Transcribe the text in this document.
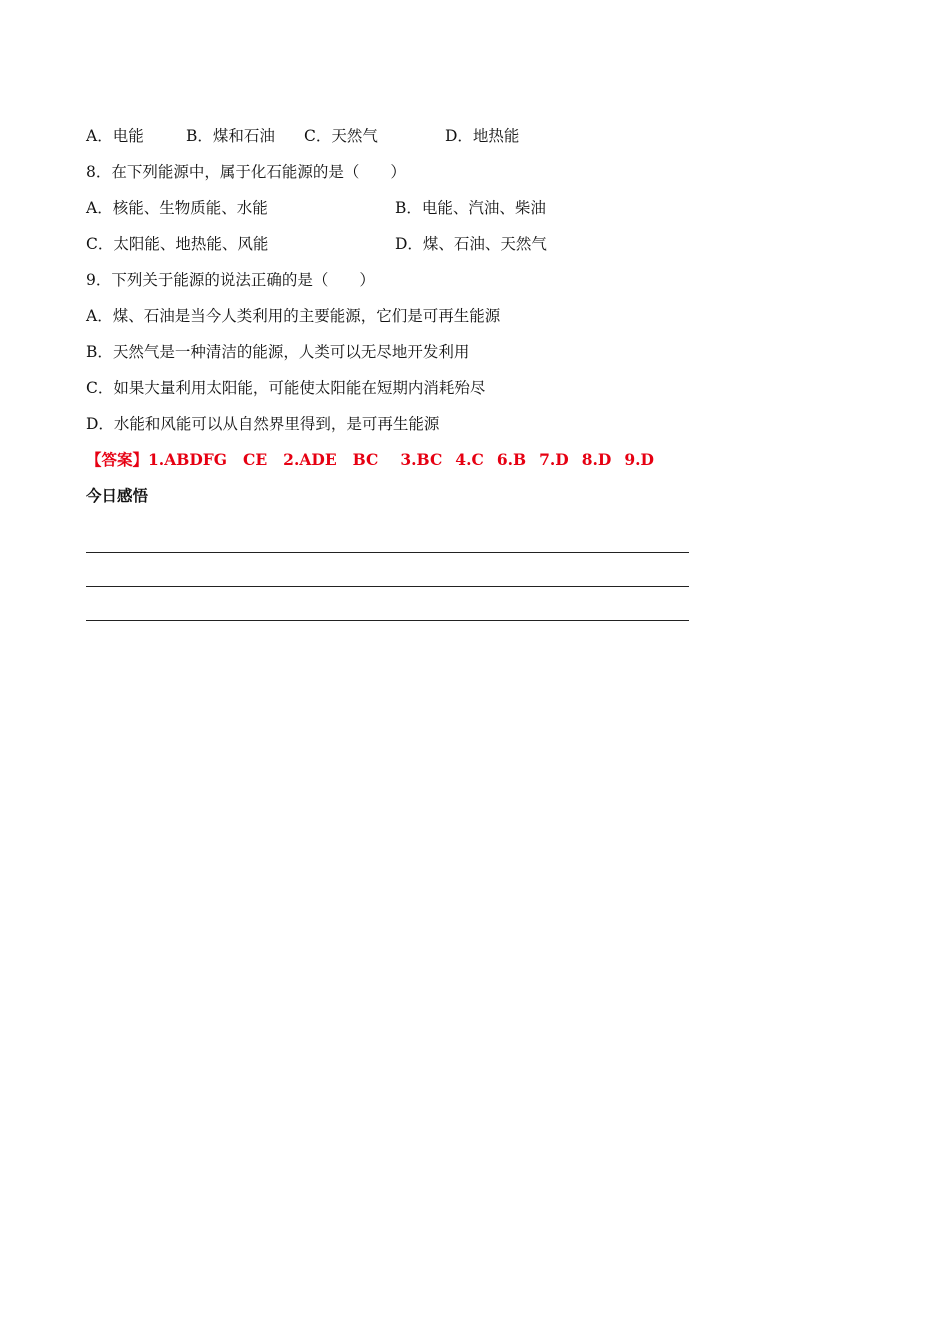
A．电能	B．煤和石油 C．天然气	D．地热能
8．在下列能源中，属于化石能源的是（　　）
A．核能、生物质能、水能	B．电能、汽油、柴油
C．太阳能、地热能、风能	D．煤、石油、天然气
9．下列关于能源的说法正确的是（　　）
A．煤、石油是当今人类利用的主要能源，它们是可再生能源
B．天然气是一种清洁的能源，人类可以无尽地开发利用
C．如果大量利用太阳能，可能使太阳能在短期内消耗殆尽
D．水能和风能可以从自然界里得到，是可再生能源
【答案】1.ABDFG CE 2.ADE BC 3.BC 4.C 6.B 7.D 8.D 9.D
今日感悟
